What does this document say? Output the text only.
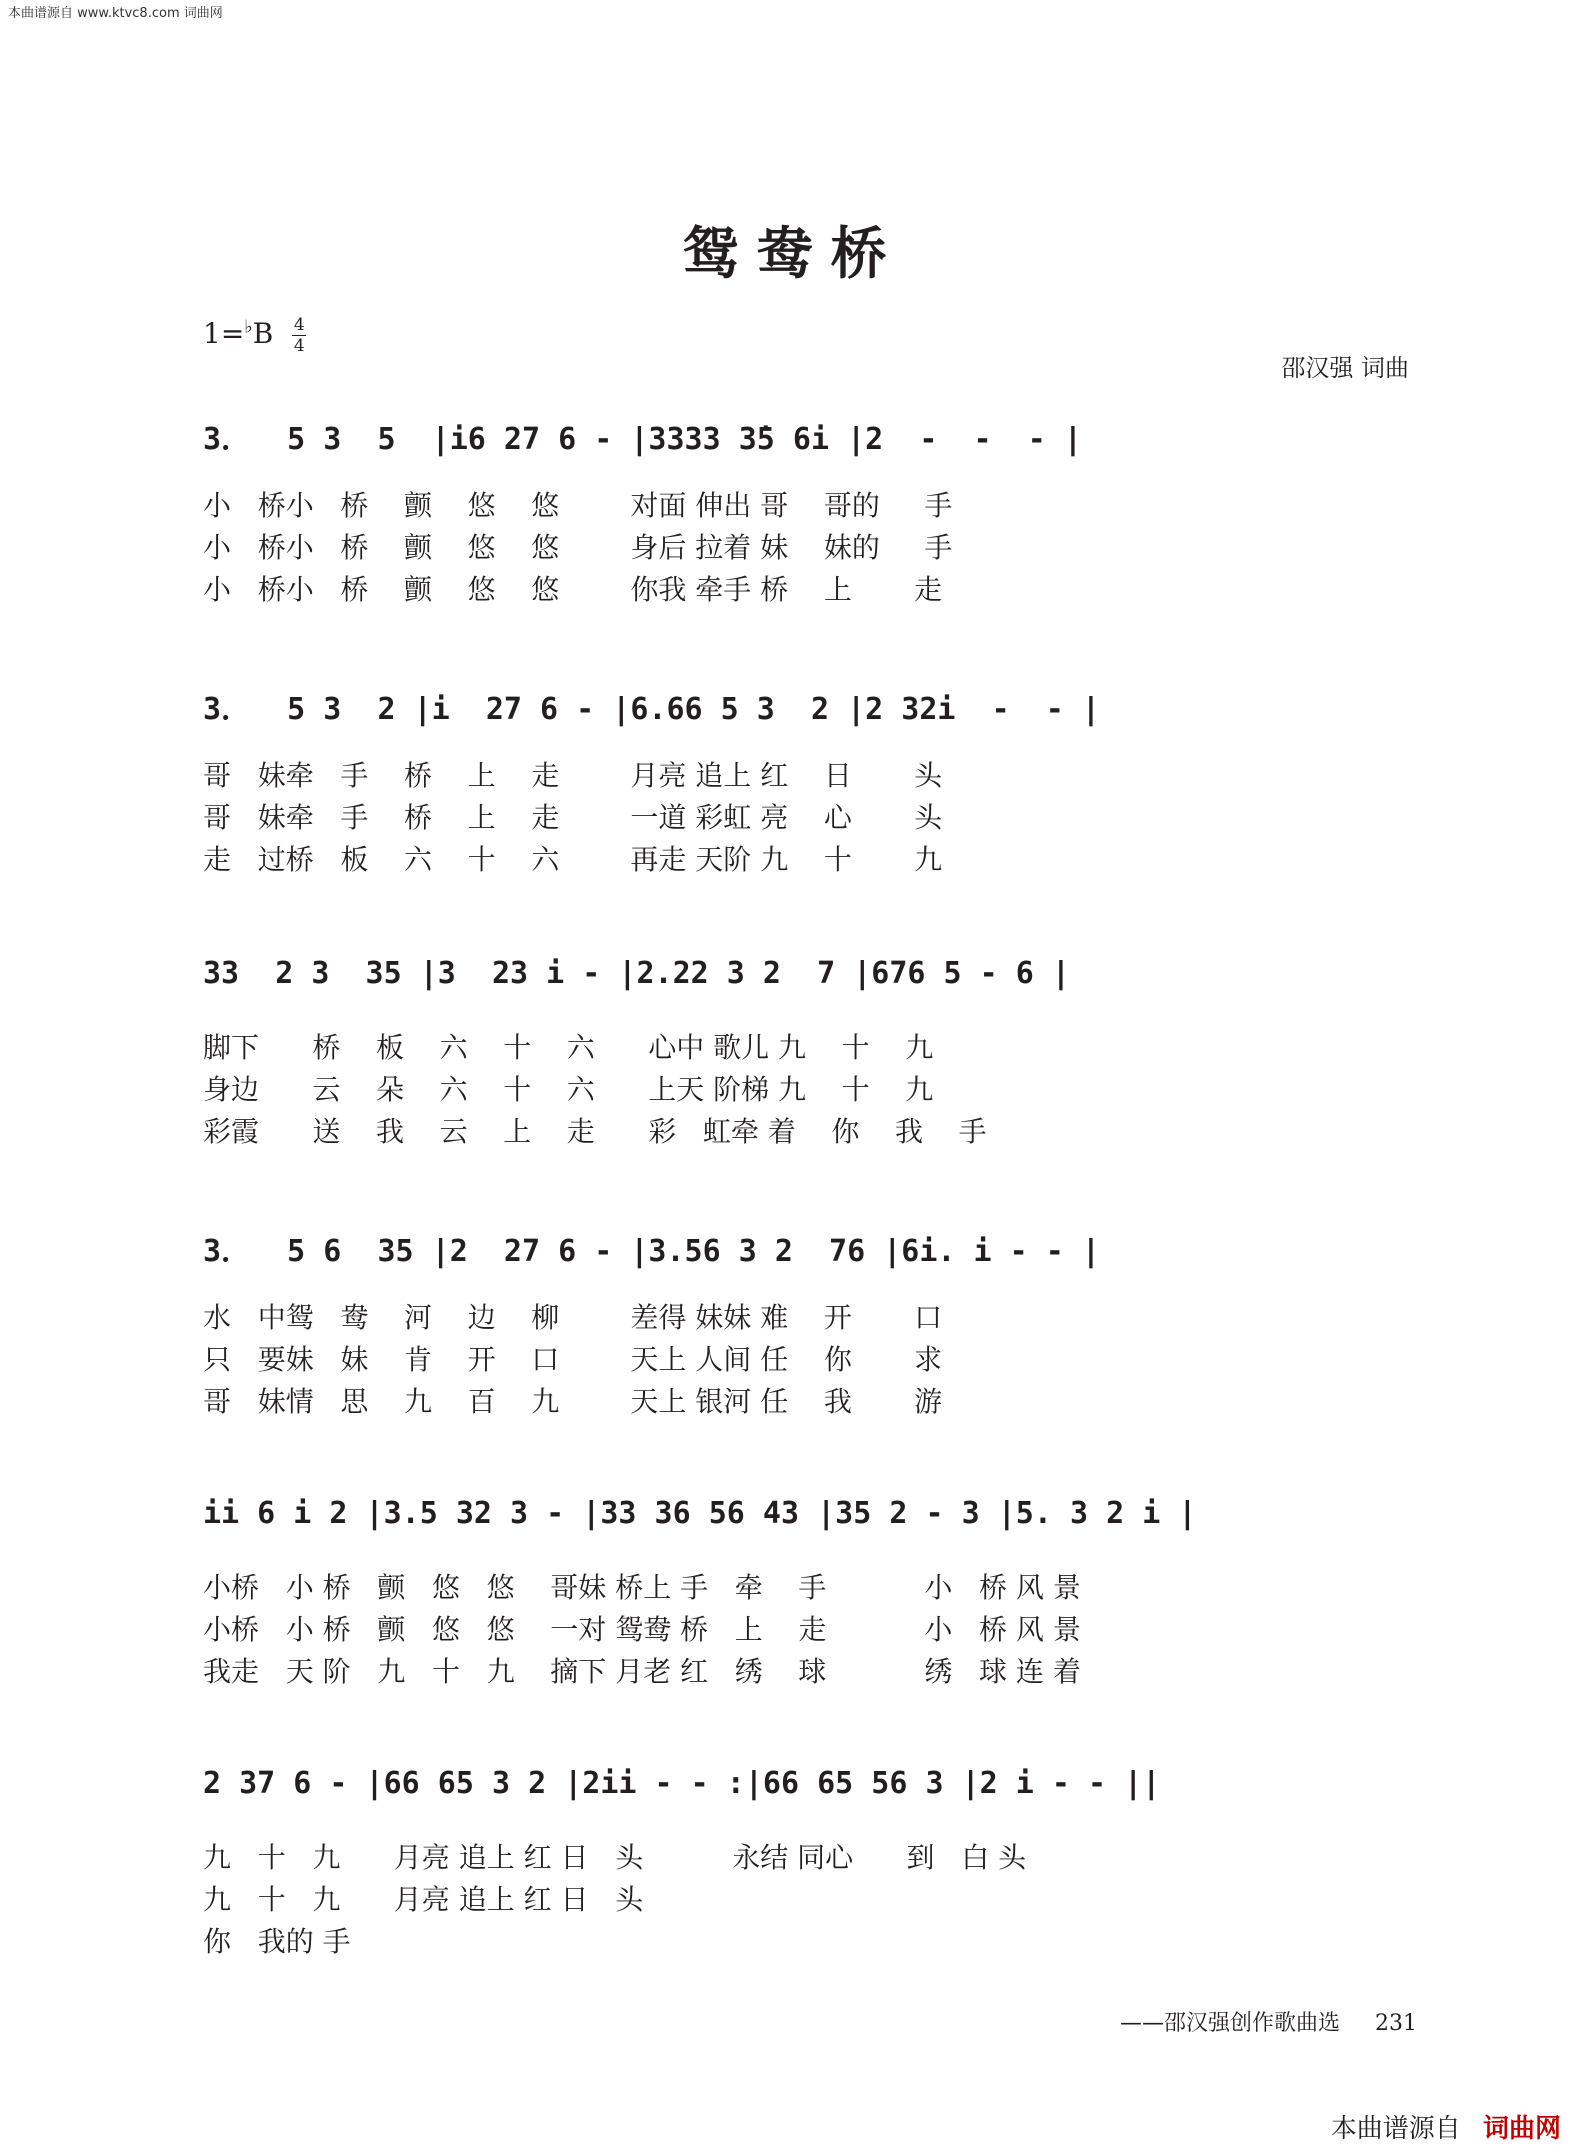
本曲谱源自 www.ktvc8.com 词曲网
鸳鸯桥
$1=^♭B \frac{4}{4}$
邵汉强 词曲
3．  5 3  5  |i6 27 6 - |3333 3̇5 6i |2  -  -  - |
小   桥小   桥    颤    悠    悠        对面 伸出 哥    哥的     手
小   桥小   桥    颤    悠    悠        身后 拉着 妹    妹的     手
小   桥小   桥    颤    悠    悠        你我 牵手 桥    上       走
3．  5 3  2 |i  27 6 - |6.66 5 3  2 |2 32i  -  - |
哥   妹牵   手    桥    上    走        月亮 追上 红    日       头
哥   妹牵   手    桥    上    走        一道 彩虹 亮    心       头
走   过桥   板    六    十    六        再走 天阶 九    十       九
33  2 3  35 |3  23 i - |2.22 3 2  7 |676 5 - 6 |
脚下      桥    板    六    十    六      心中 歌儿 九    十    九
身边      云    朵    六    十    六      上天 阶梯 九    十    九
彩霞      送    我    云    上    走      彩   虹牵 着    你    我    手
3．  5 6  35 |2  27 6 - |3.56 3 2  76 |6i. i - - |
水   中鸳   鸯    河    边    柳        差得 妹妹 难    开       口
只   要妹   妹    肯    开    口        天上 人间 任    你       求
哥   妹情   思    九    百    九        天上 银河 任    我       游
ii 6 i 2 |3.5 32 3 - |33 36 56 43 |35 2 - 3 |5. 3 2 i |
小桥   小 桥   颤   悠   悠    哥妹 桥上 手   牵    手           小   桥 风 景
小桥   小 桥   颤   悠   悠    一对 鸳鸯 桥   上    走           小   桥 风 景
我走   天 阶   九   十   九    摘下 月老 红   绣    球           绣   球 连 着
2 37 6 - |66 65 3 2 |2ii - - :|66 65 56 3 |2 i - - ||
九   十   九      月亮 追上 红 日   头          永结 同心      到   白 头
九   十   九      月亮 追上 红 日   头
你   我的 手
——邵汉强创作歌曲选 231
本曲谱源自 词曲网
